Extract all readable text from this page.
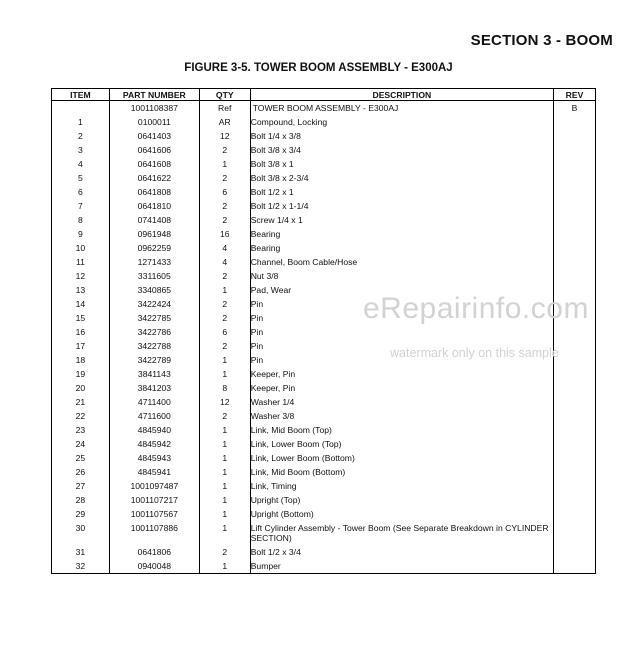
SECTION 3 - BOOM
FIGURE 3-5. TOWER BOOM ASSEMBLY - E300AJ
ITEM	PART NUMBER	QTY	DESCRIPTION	REV
	1001108387	Ref	TOWER BOOM ASSEMBLY - E300AJ	B
1	0100011	AR	Compound, Locking	
2	0641403	12	Bolt 1/4 x 3/8	
3	0641606	2	Bolt 3/8 x 3/4	
4	0641608	1	Bolt 3/8 x 1	
5	0641622	2	Bolt 3/8 x 2-3/4	
6	0641808	6	Bolt 1/2 x 1	
7	0641810	2	Bolt 1/2 x 1-1/4	
8	0741408	2	Screw 1/4 x 1	
9	0961948	16	Bearing	
10	0962259	4	Bearing	
11	1271433	4	Channel, Boom Cable/Hose	
12	3311605	2	Nut 3/8	
13	3340865	1	Pad, Wear	
14	3422424	2	Pin	
15	3422785	2	Pin	
16	3422786	6	Pin	
17	3422788	2	Pin	
18	3422789	1	Pin	
19	3841143	1	Keeper, Pin	
20	3841203	8	Keeper, Pin	
21	4711400	12	Washer 1/4	
22	4711600	2	Washer 3/8	
23	4845940	1	Link, Mid Boom (Top)	
24	4845942	1	Link, Lower Boom (Top)	
25	4845943	1	Link, Lower Boom (Bottom)	
26	4845941	1	Link, Mid Boom (Bottom)	
27	1001097487	1	Link, Timing	
28	1001107217	1	Upright (Top)	
29	1001107567	1	Upright (Bottom)	
30	1001107886	1	Lift Cylinder Assembly - Tower Boom (See Separate Breakdown in CYLINDER SECTION)	
31	0641806	2	Bolt 1/2 x 3/4	
32	0940048	1	Bumper	
eRepairinfo.com
watermark only on this sample
